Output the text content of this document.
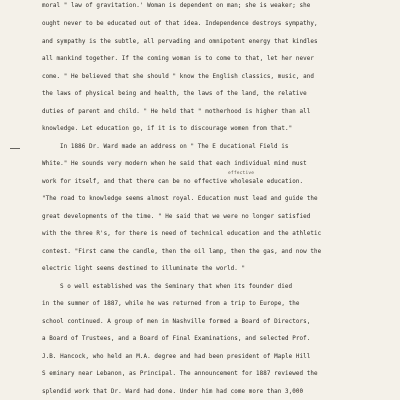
moral " law of gravitation.' Woman is dependent on man; she is weaker; she

ought never to be educated out of that idea. Independence destroys sympathy,

and sympathy is the subtle, all pervading and omnipotent energy that kindles

all mankind together. If the coming woman is to come to that, let her never

come. " He believed that she should " know the English classics, music, and

the laws of physical being and health, the laws of the land, the relative

duties of parent and child. " He held that " motherhood is higher than all

knowledge. Let education go, if it is to discourage women from that."

In 1886 Dr. Ward made an address on " The E ducational Field is

White." He sounds very modern when he said that each individual mind must

effective

work for itself, and that there can be no effective wholesale education.

"The road to knowledge seems almost royal. Education must lead and guide the

great developments of the time. " He said that we were no longer satisfied

with the three R's, for there is need of technical education and the athletic

contest. "First came the candle, then the oil lamp, then the gas, and now the

electric light seems destined to illuminate the world. "

S o well established was the Seminary that when its founder died

in the summer of 1887, while he was returned from a trip to Europe, the

school continued. A group of men in Nashville formed a Board of Directors,

a Board of Trustees, and a Board of Final Examinations, and selected Prof.

J.B. Hancock, who held an M.A. degree and had been president of Maple Hill

S eminary near Lebanon, as Principal. The announcement for 1887 reviewed the

splendid work that Dr. Ward had done. Under him had come more than 3,000
